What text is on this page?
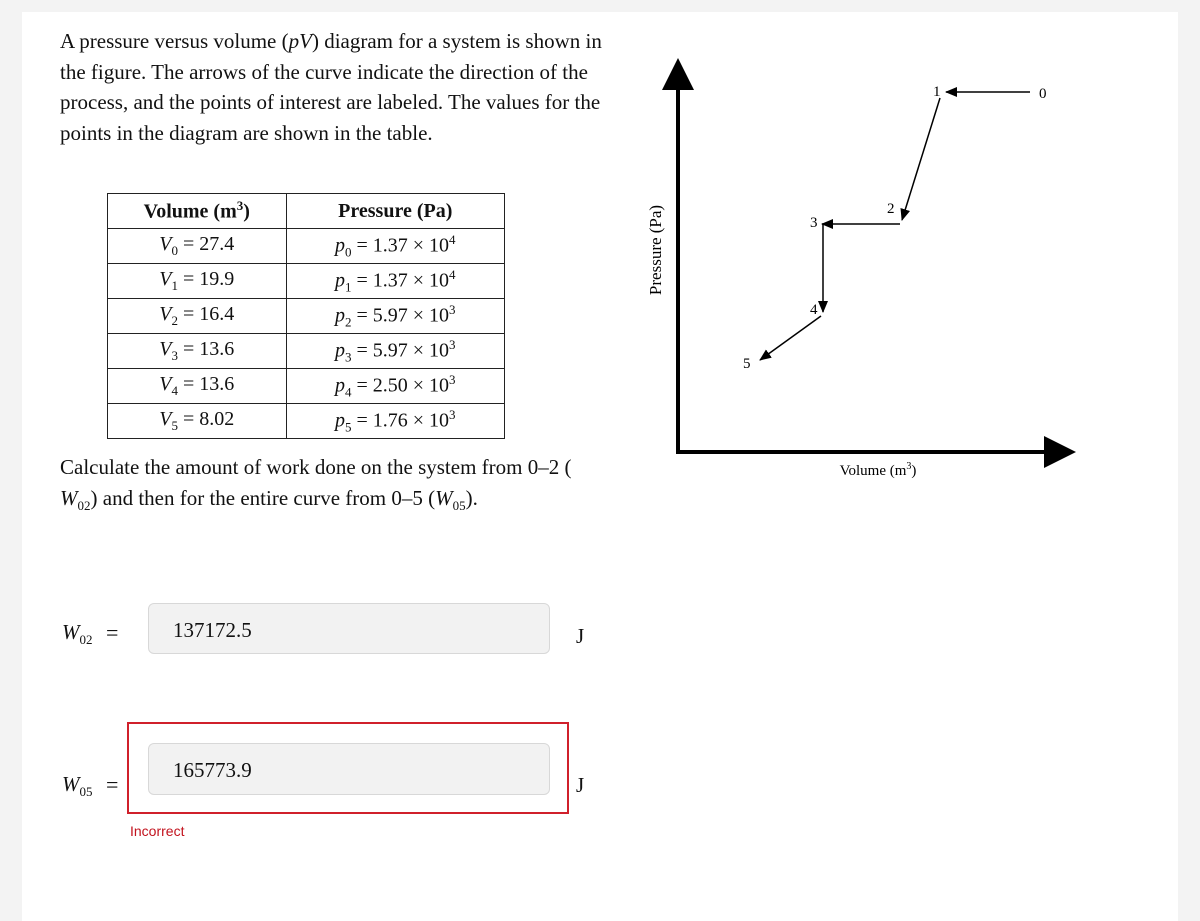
A pressure versus volume (pV) diagram for a system is shown in the figure. The arrows of the curve indicate the direction of the process, and the points of interest are labeled. The values for the points in the diagram are shown in the table.
Volume $(m^3)$	Pressure (Pa)
$V_0 = 27.4$	$p_0 = 1.37 \times 10^4$
$V_1 = 19.9$	$p_1 = 1.37 \times 10^4$
$V_2 = 16.4$	$p_2 = 5.97 \times 10^3$
$V_3 = 13.6$	$p_3 = 5.97 \times 10^3$
$V_4 = 13.6$	$p_4 = 2.50 \times 10^3$
$V_5 = 8.02$	$p_5 = 1.76 \times 10^3$
Calculate the amount of work done on the system from 0–2 (
$W_{02}$) and then for the entire curve from 0–5 $(W_{05})$.
$W_{02}$ =	137172.5	J
$W_{05}$ =
165773.9
J
Incorrect
Pressure (Pa)
Volume $(m^3)$
0
1
2
3
4
5
